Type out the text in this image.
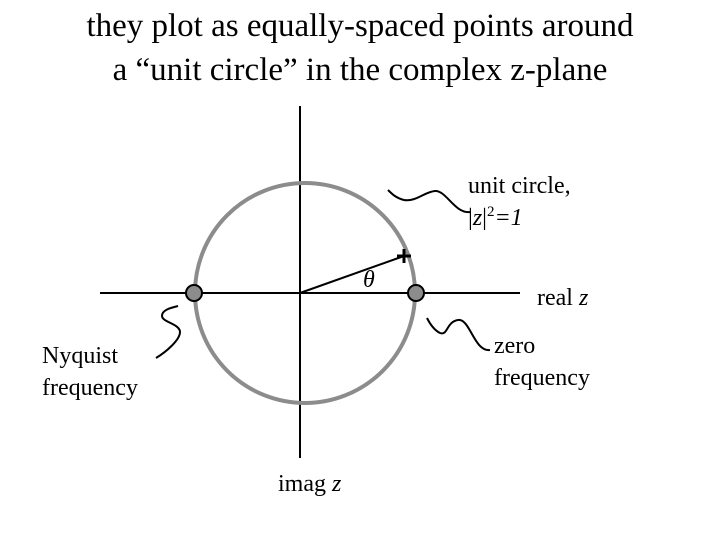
they plot as equally-spaced points around
a “unit circle” in the complex z-plane
unit circle,
$|z|^2=1$
θ
real z
imag z
zero
frequency
Nyquist
frequency
